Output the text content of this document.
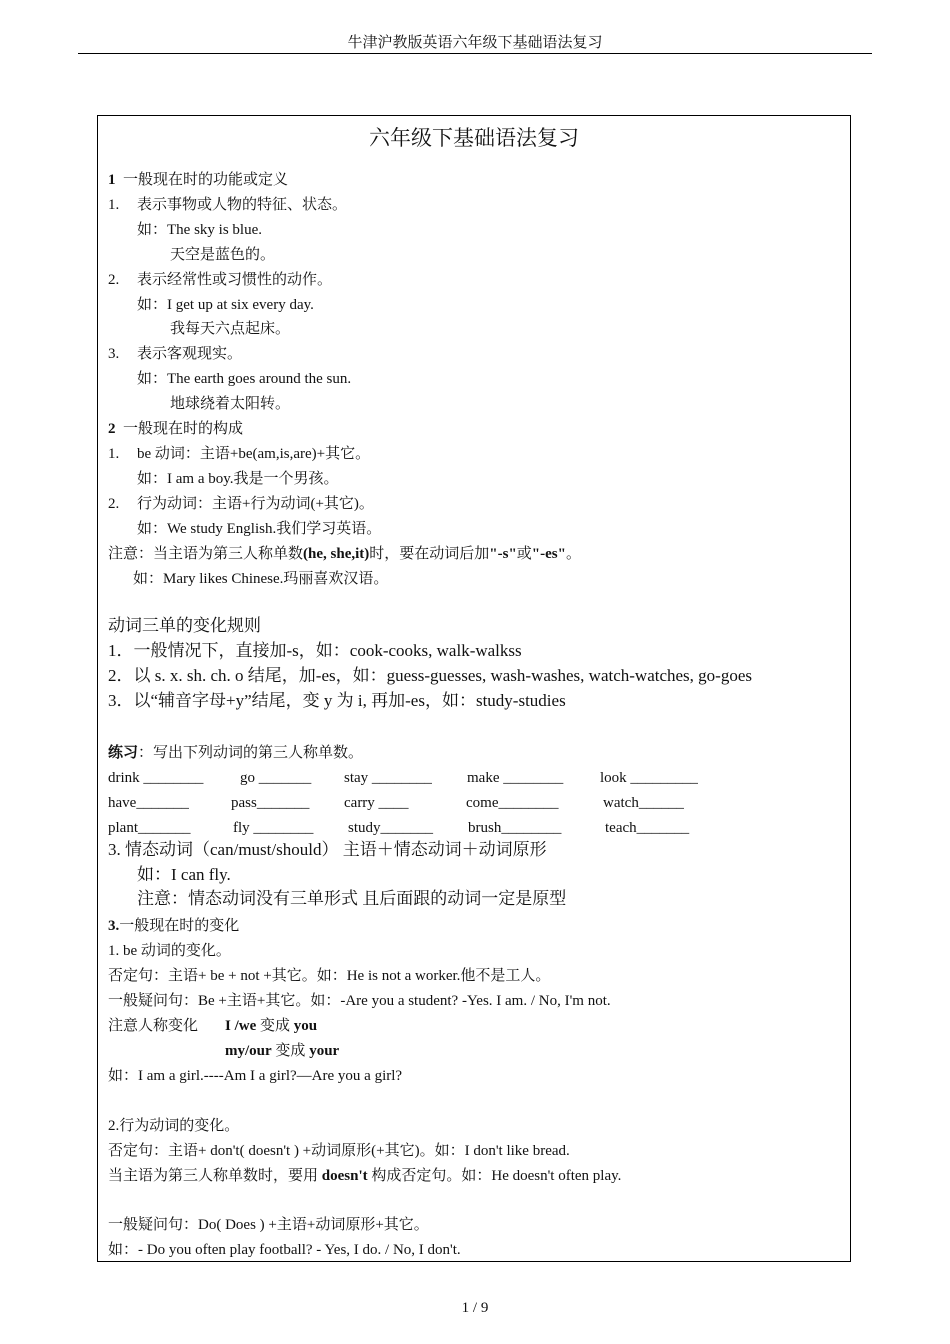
牛津沪教版英语六年级下基础语法复习
六年级下基础语法复习
1 一般现在时的功能或定义
1. 表示事物或人物的特征、状态。
如：The sky is blue.
天空是蓝色的。
2. 表示经常性或习惯性的动作。
如：I get up at six every day.
我每天六点起床。
3. 表示客观现实。
如：The earth goes around the sun.
地球绕着太阳转。
2 一般现在时的构成
1. be 动词：主语+be(am,is,are)+其它。
如：I am a boy.我是一个男孩。
2. 行为动词：主语+行为动词(+其它)。
如：We study English.我们学习英语。
注意：当主语为第三人称单数(he, she,it)时，要在动词后加"-s"或"-es"。
如：Mary likes Chinese.玛丽喜欢汉语。
动词三单的变化规则
1．一般情况下，直接加-s，如：cook-cooks, walk-walkss
2．以 s. x. sh. ch. o 结尾，加-es，如：guess-guesses, wash-washes, watch-watches, go-goes
3．以“辅音字母+y”结尾，变 y 为 i, 再加-es，如：study-studies
练习：写出下列动词的第三人称单数。
drink ________ go _______ stay ________ make ________ look _________
have_______	pass_______ carry ____	come________	watch______
plant_______	fly ________ study_______ brush________	teach_______
3. 情态动词（can/must/should） 主语＋情态动词＋动词原形
如：I can fly.
注意：情态动词没有三单形式 且后面跟的动词一定是原型
3.一般现在时的变化
1. be 动词的变化。
否定句：主语+ be + not +其它。如：He is not a worker.他不是工人。
一般疑问句：Be +主语+其它。如：-Are you a student? -Yes. I am. / No, I'm not.
注意人称变化 I /we 变成 you
my/our 变成 your
如：I am a girl.----Am I a girl?—Are you a girl?
2.行为动词的变化。
否定句：主语+ don't( doesn't ) +动词原形(+其它)。如：I don't like bread.
当主语为第三人称单数时，要用 doesn't 构成否定句。如：He doesn't often play.
一般疑问句：Do( Does ) +主语+动词原形+其它。
如：- Do you often play football? - Yes, I do. / No, I don't.
1 / 9
